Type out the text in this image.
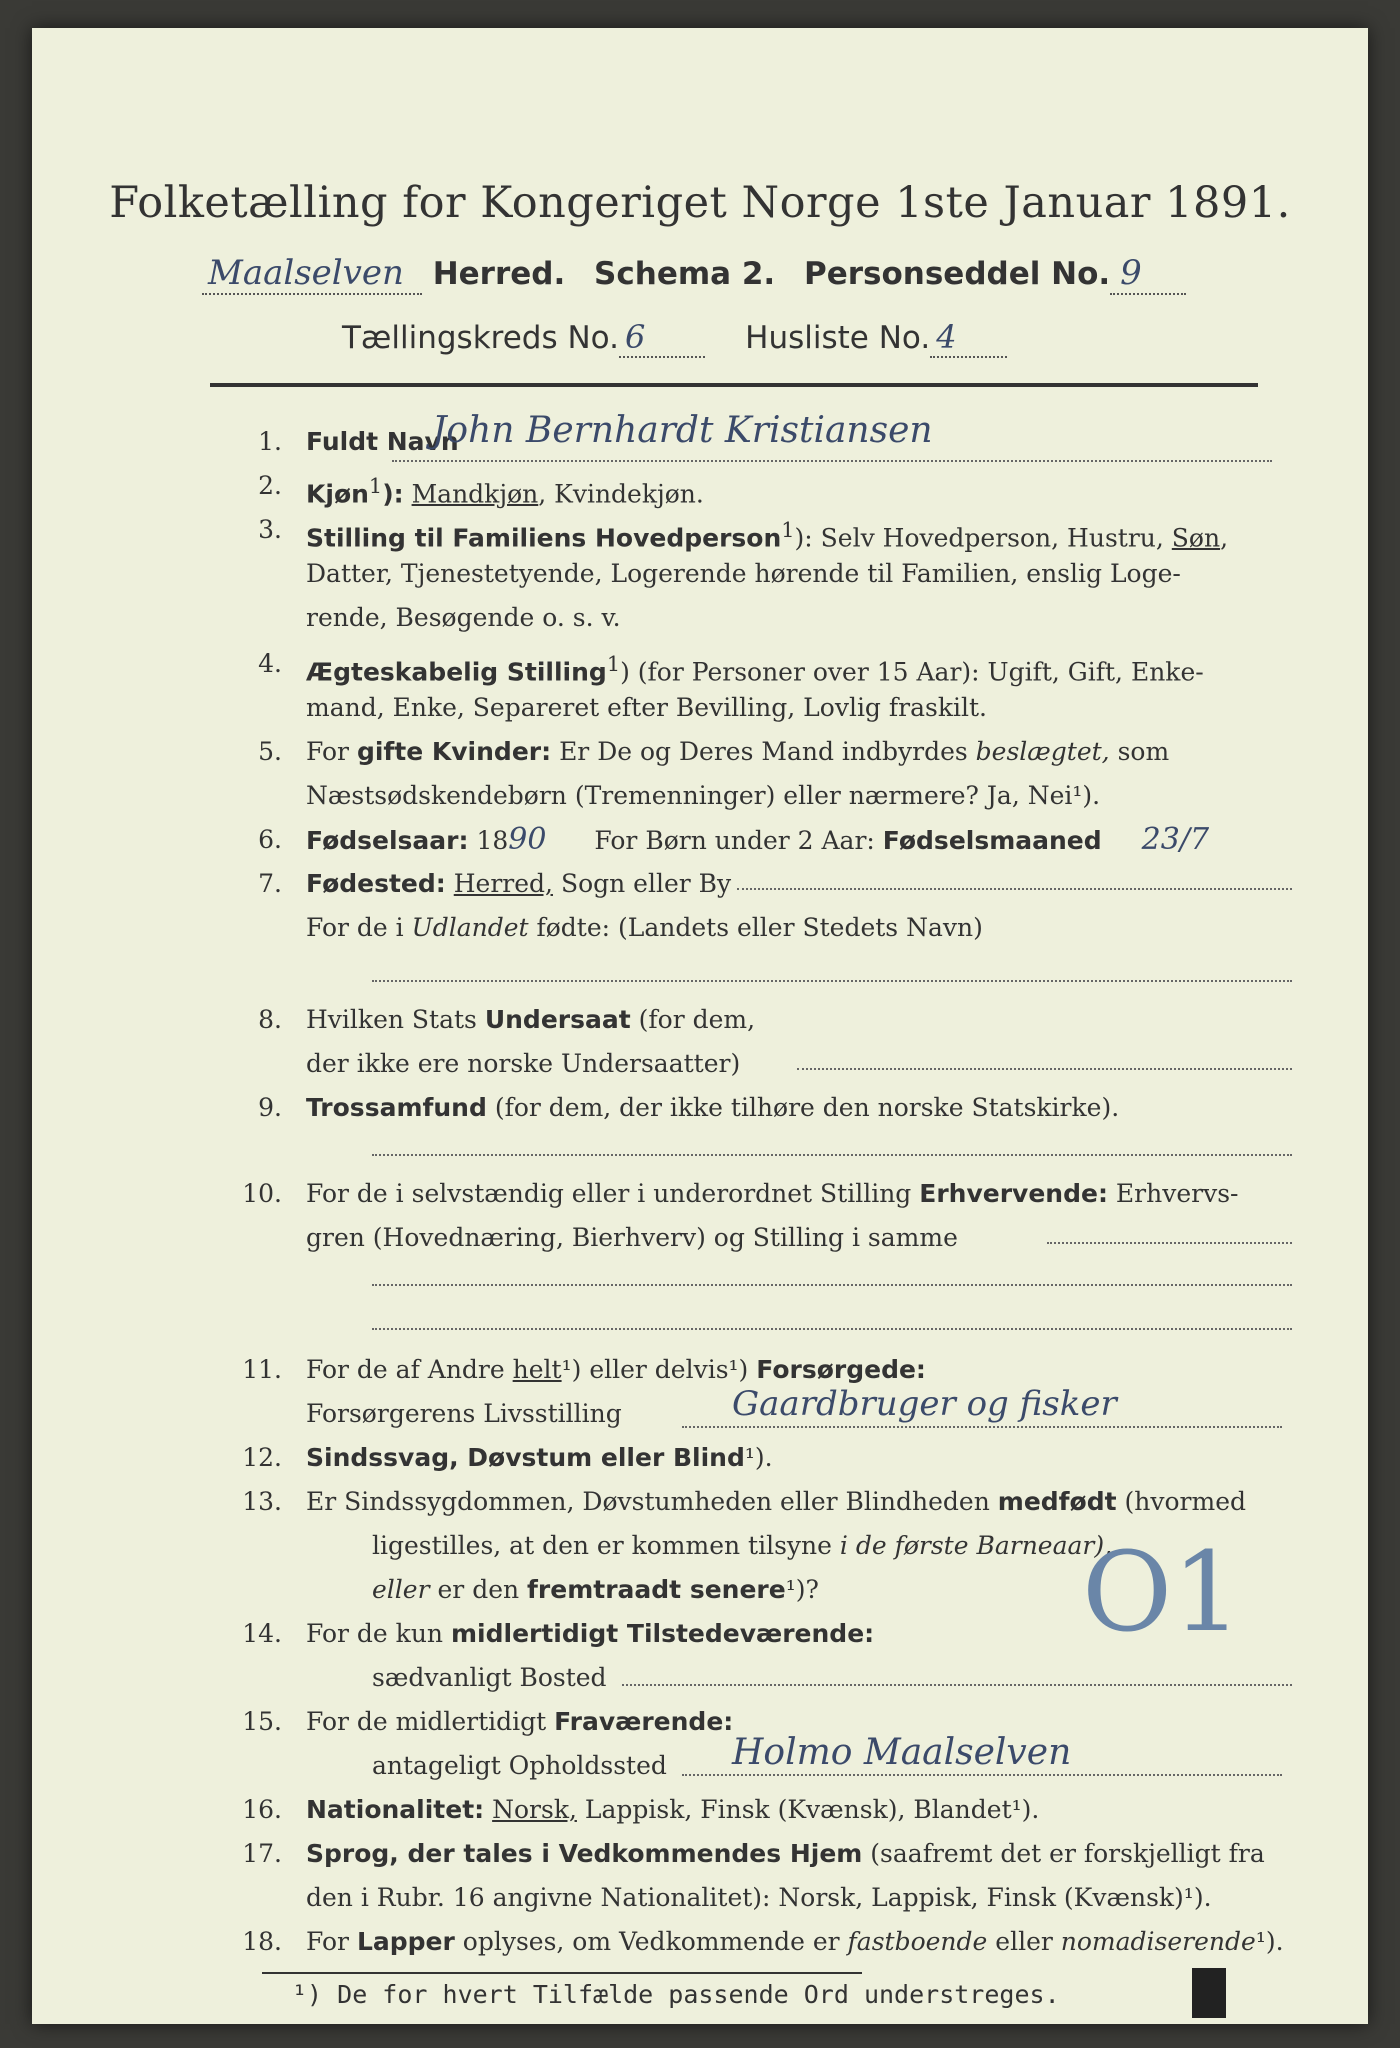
Folketælling for Kongeriget Norge 1ste Januar 1891.
Maalselven Herred. Schema 2. Personseddel No. 9
Tællingskreds No. 6	Husliste No. 4
1. Fuldt Navn
John Bernhardt Kristiansen
2. Kjøn$^1$): Mandkjøn, Kvindekjøn.
3. Stilling til Familiens Hovedperson$^1$): Selv Hovedperson, Hustru, Søn,
Datter, Tjenestetyende, Logerende hørende til Familien, enslig Loge-
rende, Besøgende o. s. v.
4. Ægteskabelig Stilling$^1$) (for Personer over 15 Aar): Ugift, Gift, Enke-
mand, Enke, Separeret efter Bevilling, Lovlig fraskilt.
5. For gifte Kvinder: Er De og Deres Mand indbyrdes beslægtet, som
Næstsødskendebørn (Tremenninger) eller nærmere? Ja, Nei¹).
6. Fødselsaar: 1890 For Børn under 2 Aar: Fødselsmaaned 23/7
7. Fødested: Herred, Sogn eller By
For de i Udlandet fødte: (Landets eller Stedets Navn)
8. Hvilken Stats Undersaat (for dem,
der ikke ere norske Undersaatter)
9. Trossamfund (for dem, der ikke tilhøre den norske Statskirke).
10. For de i selvstændig eller i underordnet Stilling Erhvervende: Erhvervs-
gren (Hovednæring, Bierhverv) og Stilling i samme
11. For de af Andre helt¹) eller delvis¹) Forsørgede:
Forsørgerens Livsstilling	Gaardbruger og fisker
12. Sindssvag, Døvstum eller Blind¹).
13. Er Sindssygdommen, Døvstumheden eller Blindheden medfødt (hvormed
ligestilles, at den er kommen tilsyne i de første Barneaar),
eller er den fremtraadt senere¹)? O1
14. For de kun midlertidigt Tilstedeværende:
sædvanligt Bosted
15. For de midlertidigt Fraværende:
antageligt Opholdssted Holmo Maalselven
16. Nationalitet: Norsk, Lappisk, Finsk (Kvænsk), Blandet¹).
17. Sprog, der tales i Vedkommendes Hjem (saafremt det er forskjelligt fra
den i Rubr. 16 angivne Nationalitet): Norsk, Lappisk, Finsk (Kvænsk)¹).
18. For Lapper oplyses, om Vedkommende er fastboende eller nomadiserende¹).
¹) De for hvert Tilfælde passende Ord understreges.
